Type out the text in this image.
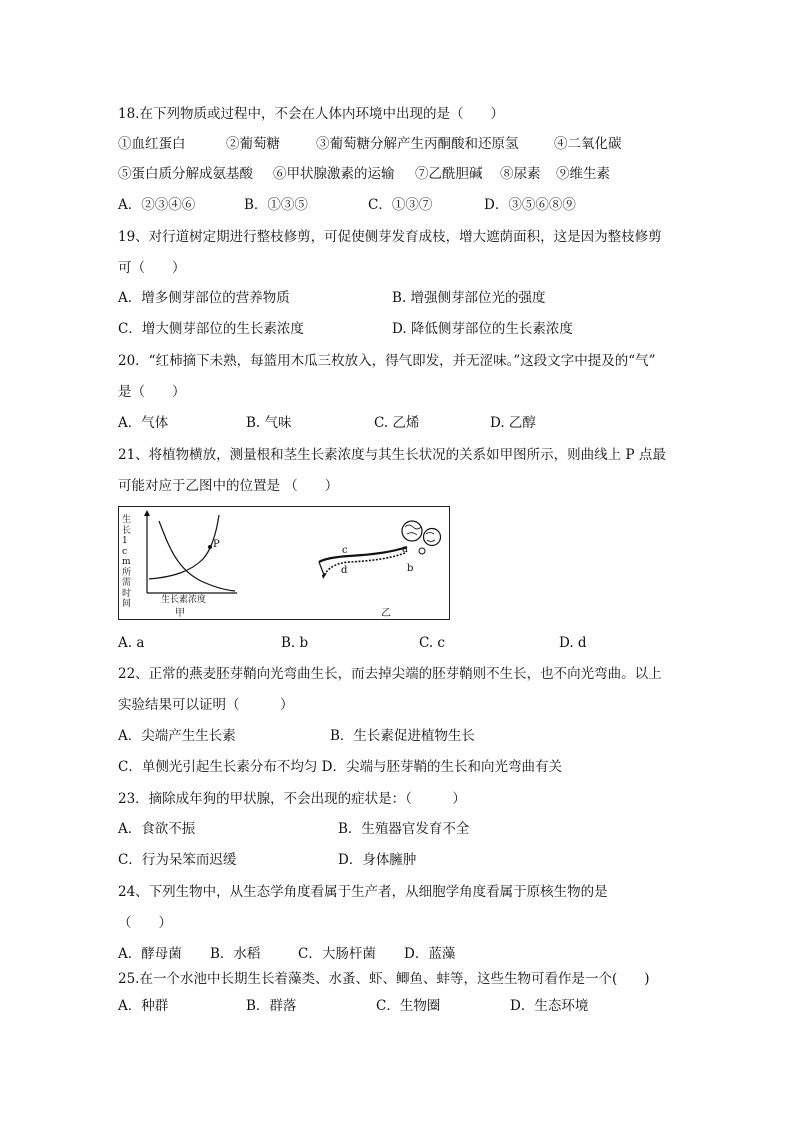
18.在下列物质或过程中，不会在人体内环境中出现的是（　　）
①血红蛋白	②葡萄糖	③葡萄糖分解产生丙酮酸和还原氢	④二氧化碳
⑤蛋白质分解成氨基酸 ⑥甲状腺激素的运输 ⑦乙酰胆碱 ⑧尿素 ⑨维生素
A．②③④⑥	B．①③⑤	C．①③⑦	D．③⑤⑥⑧⑨
19、对行道树定期进行整枝修剪，可促使侧芽发育成枝，增大遮荫面积，这是因为整枝修剪
可（　　）
A．增多侧芽部位的营养物质	B. 增强侧芽部位光的强度
C．增大侧芽部位的生长素浓度	D. 降低侧芽部位的生长素浓度
20．“红柿摘下未熟，每篮用木瓜三枚放入，得气即发，并无涩味。”这段文字中提及的“气”
是（　　）
A．气体	B. 气味	C. 乙烯	D. 乙醇
21、将植物横放，测量根和茎生长素浓度与其生长状况的关系如甲图所示，则曲线上 P 点最
可能对应于乙图中的位置是 （　　）
生长1cm所需时间	生长素浓度
P
甲	乙
a
b
c
d
A. a	B. b	C. c	D. d
22、正常的燕麦胚芽鞘向光弯曲生长，而去掉尖端的胚芽鞘则不生长，也不向光弯曲。以上
实验结果可以证明（　　　）
A．尖端产生生长素	B．生长素促进植物生长
C．单侧光引起生长素分布不均匀 D．尖端与胚芽鞘的生长和向光弯曲有关
23．摘除成年狗的甲状腺，不会出现的症状是：（　　　）
A．食欲不振	B．生殖器官发育不全
C．行为呆笨而迟缓	D．身体臃肿
24、下列生物中，从生态学角度看属于生产者，从细胞学角度看属于原核生物的是
（　　）
A．酵母菌 B．水稻	C．大肠杆菌 D．蓝藻
25.在一个水池中长期生长着藻类、水蚤、虾、鲫鱼、蚌等，这些生物可看作是一个(　　)
A．种群	B．群落	C．生物圈	D．生态环境
